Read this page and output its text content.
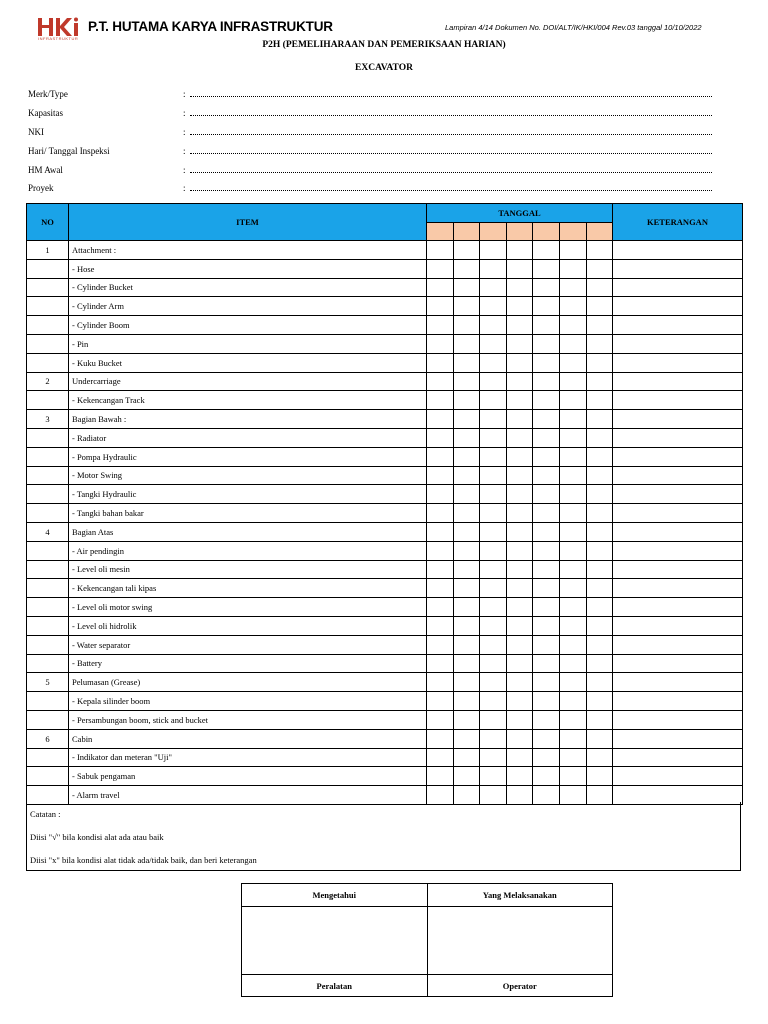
INFRASTRUKTUR
P.T. HUTAMA KARYA INFRASTRUKTUR	Lampiran 4/14 Dokumen No. DOI/ALT/IK/HKI/004 Rev.03 tanggal 10/10/2022
P2H (PEMELIHARAAN DAN PEMERIKSAAN HARIAN)
EXCAVATOR
Merk/Type	:
Kapasitas	:
NKI	:
Hari/ Tanggal Inspeksi	:
HM Awal	:
Proyek	:
NO	ITEM	TANGGAL							KETERANGAN

1	Attachment :								
	- Hose								
	- Cylinder Bucket								
	- Cylinder Arm								
	- Cylinder Boom								
	- Pin								
	- Kuku Bucket								
2	Undercarriage								
	- Kekencangan Track								
3	Bagian Bawah :								
	- Radiator								
	- Pompa Hydraulic								
	- Motor Swing								
	- Tangki Hydraulic								
	- Tangki bahan bakar								
4	Bagian Atas								
	- Air pendingin								
	- Level oli mesin								
	- Kekencangan tali kipas								
	- Level oli motor swing								
	- Level oli hidrolik								
	- Water separator								
	- Battery								
5	Pelumasan (Grease)								
	- Kepala silinder boom								
	- Persambungan boom, stick and bucket								
6	Cabin								
	- Indikator dan meteran "Uji"								
	- Sabuk pengaman								
	- Alarm travel								
Catatan :
Diisi "√" bila kondisi alat ada atau baik
Diisi "x" bila kondisi alat tidak ada/tidak baik, dan beri keterangan
Mengetahui	Yang Melaksanakan

Peralatan	Operator
